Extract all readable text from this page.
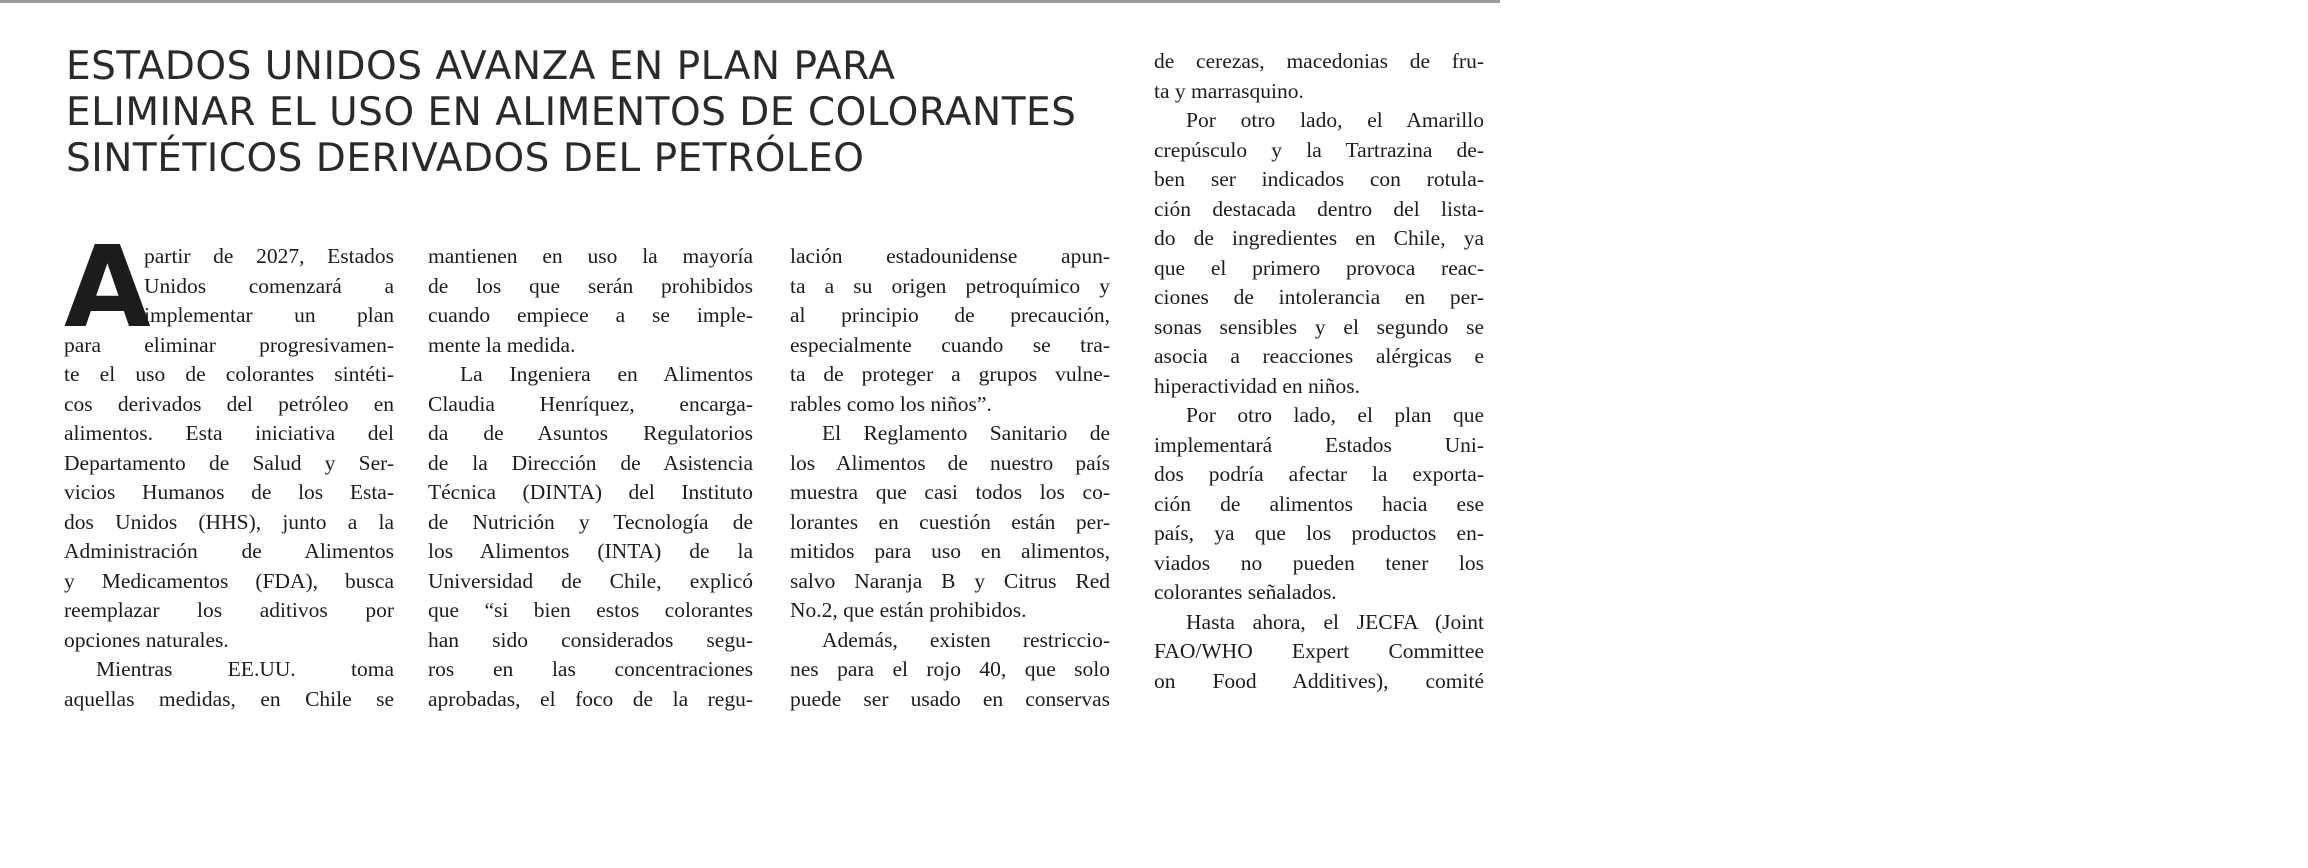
ESTADOS UNIDOS AVANZA EN PLAN PARA
ELIMINAR EL USO EN ALIMENTOS DE COLORANTES
SINTÉTICOS DERIVADOS DEL PETRÓLEO
A
partir de 2027, Estados
Unidos comenzará a
implementar un plan
para eliminar progresivamen-
te el uso de colorantes sintéti-
cos derivados del petróleo en
alimentos. Esta iniciativa del
Departamento de Salud y Ser-
vicios Humanos de los Esta-
dos Unidos (HHS), junto a la
Administración de Alimentos
y Medicamentos (FDA), busca
reemplazar los aditivos por
opciones naturales.
Mientras EE.UU. toma
aquellas medidas, en Chile se
mantienen en uso la mayoría
de los que serán prohibidos
cuando empiece a se imple-
mente la medida.
La Ingeniera en Alimentos
Claudia Henríquez, encarga-
da de Asuntos Regulatorios
de la Dirección de Asistencia
Técnica (DINTA) del Instituto
de Nutrición y Tecnología de
los Alimentos (INTA) de la
Universidad de Chile, explicó
que “si bien estos colorantes
han sido considerados segu-
ros en las concentraciones
aprobadas, el foco de la regu-
lación estadounidense apun-
ta a su origen petroquímico y
al principio de precaución,
especialmente cuando se tra-
ta de proteger a grupos vulne-
rables como los niños”.
El Reglamento Sanitario de
los Alimentos de nuestro país
muestra que casi todos los co-
lorantes en cuestión están per-
mitidos para uso en alimentos,
salvo Naranja B y Citrus Red
No.2, que están prohibidos.
Además, existen restriccio-
nes para el rojo 40, que solo
puede ser usado en conservas
de cerezas, macedonias de fru-
ta y marrasquino.
Por otro lado, el Amarillo
crepúsculo y la Tartrazina de-
ben ser indicados con rotula-
ción destacada dentro del lista-
do de ingredientes en Chile, ya
que el primero provoca reac-
ciones de intolerancia en per-
sonas sensibles y el segundo se
asocia a reacciones alérgicas e
hiperactividad en niños.
Por otro lado, el plan que
implementará Estados Uni-
dos podría afectar la exporta-
ción de alimentos hacia ese
país, ya que los productos en-
viados no pueden tener los
colorantes señalados.
Hasta ahora, el JECFA (Joint
FAO/WHO Expert Committee
on Food Additives), comité
